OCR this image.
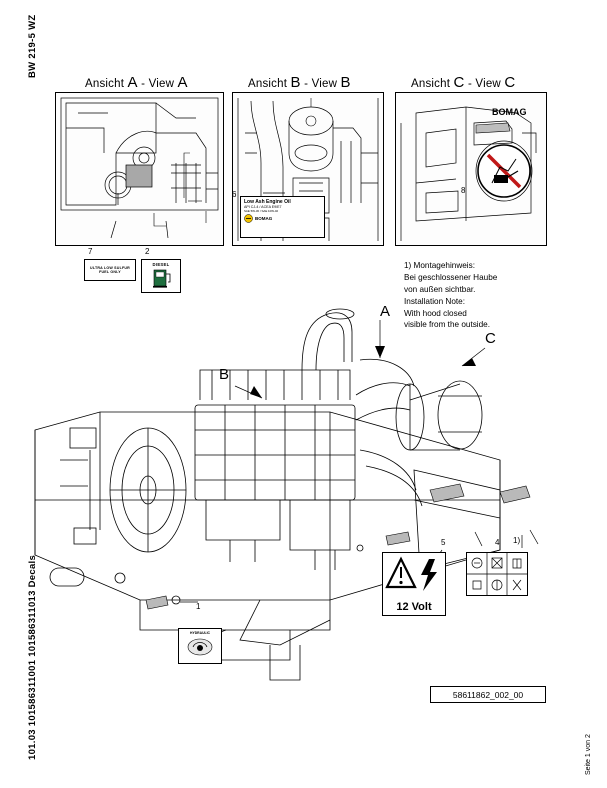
BW 219-5 WZ
101.03 101586311001 101586311013 Decals	Seite 1 von 2
Ansicht A - View A	Ansicht B - View B	Ansicht C - View C
7	2
ULTRA LOW SULFUR
FUEL ONLY
DIESEL
6
Low Ash Engine Oil
API CJ-4 / ACEA E9/E7
SAE 5W-30 / SAE 10W-40
BOMAG
BOMAG
8
1) Montagehinweis:
Bei geschlossener Haube
von außen sichtbar.
Installation Note:
With hood closed
visible from the outside.
A
B
C
1
5	4 1)
12 Volt
HYDRAULIC
58611862_002_00
